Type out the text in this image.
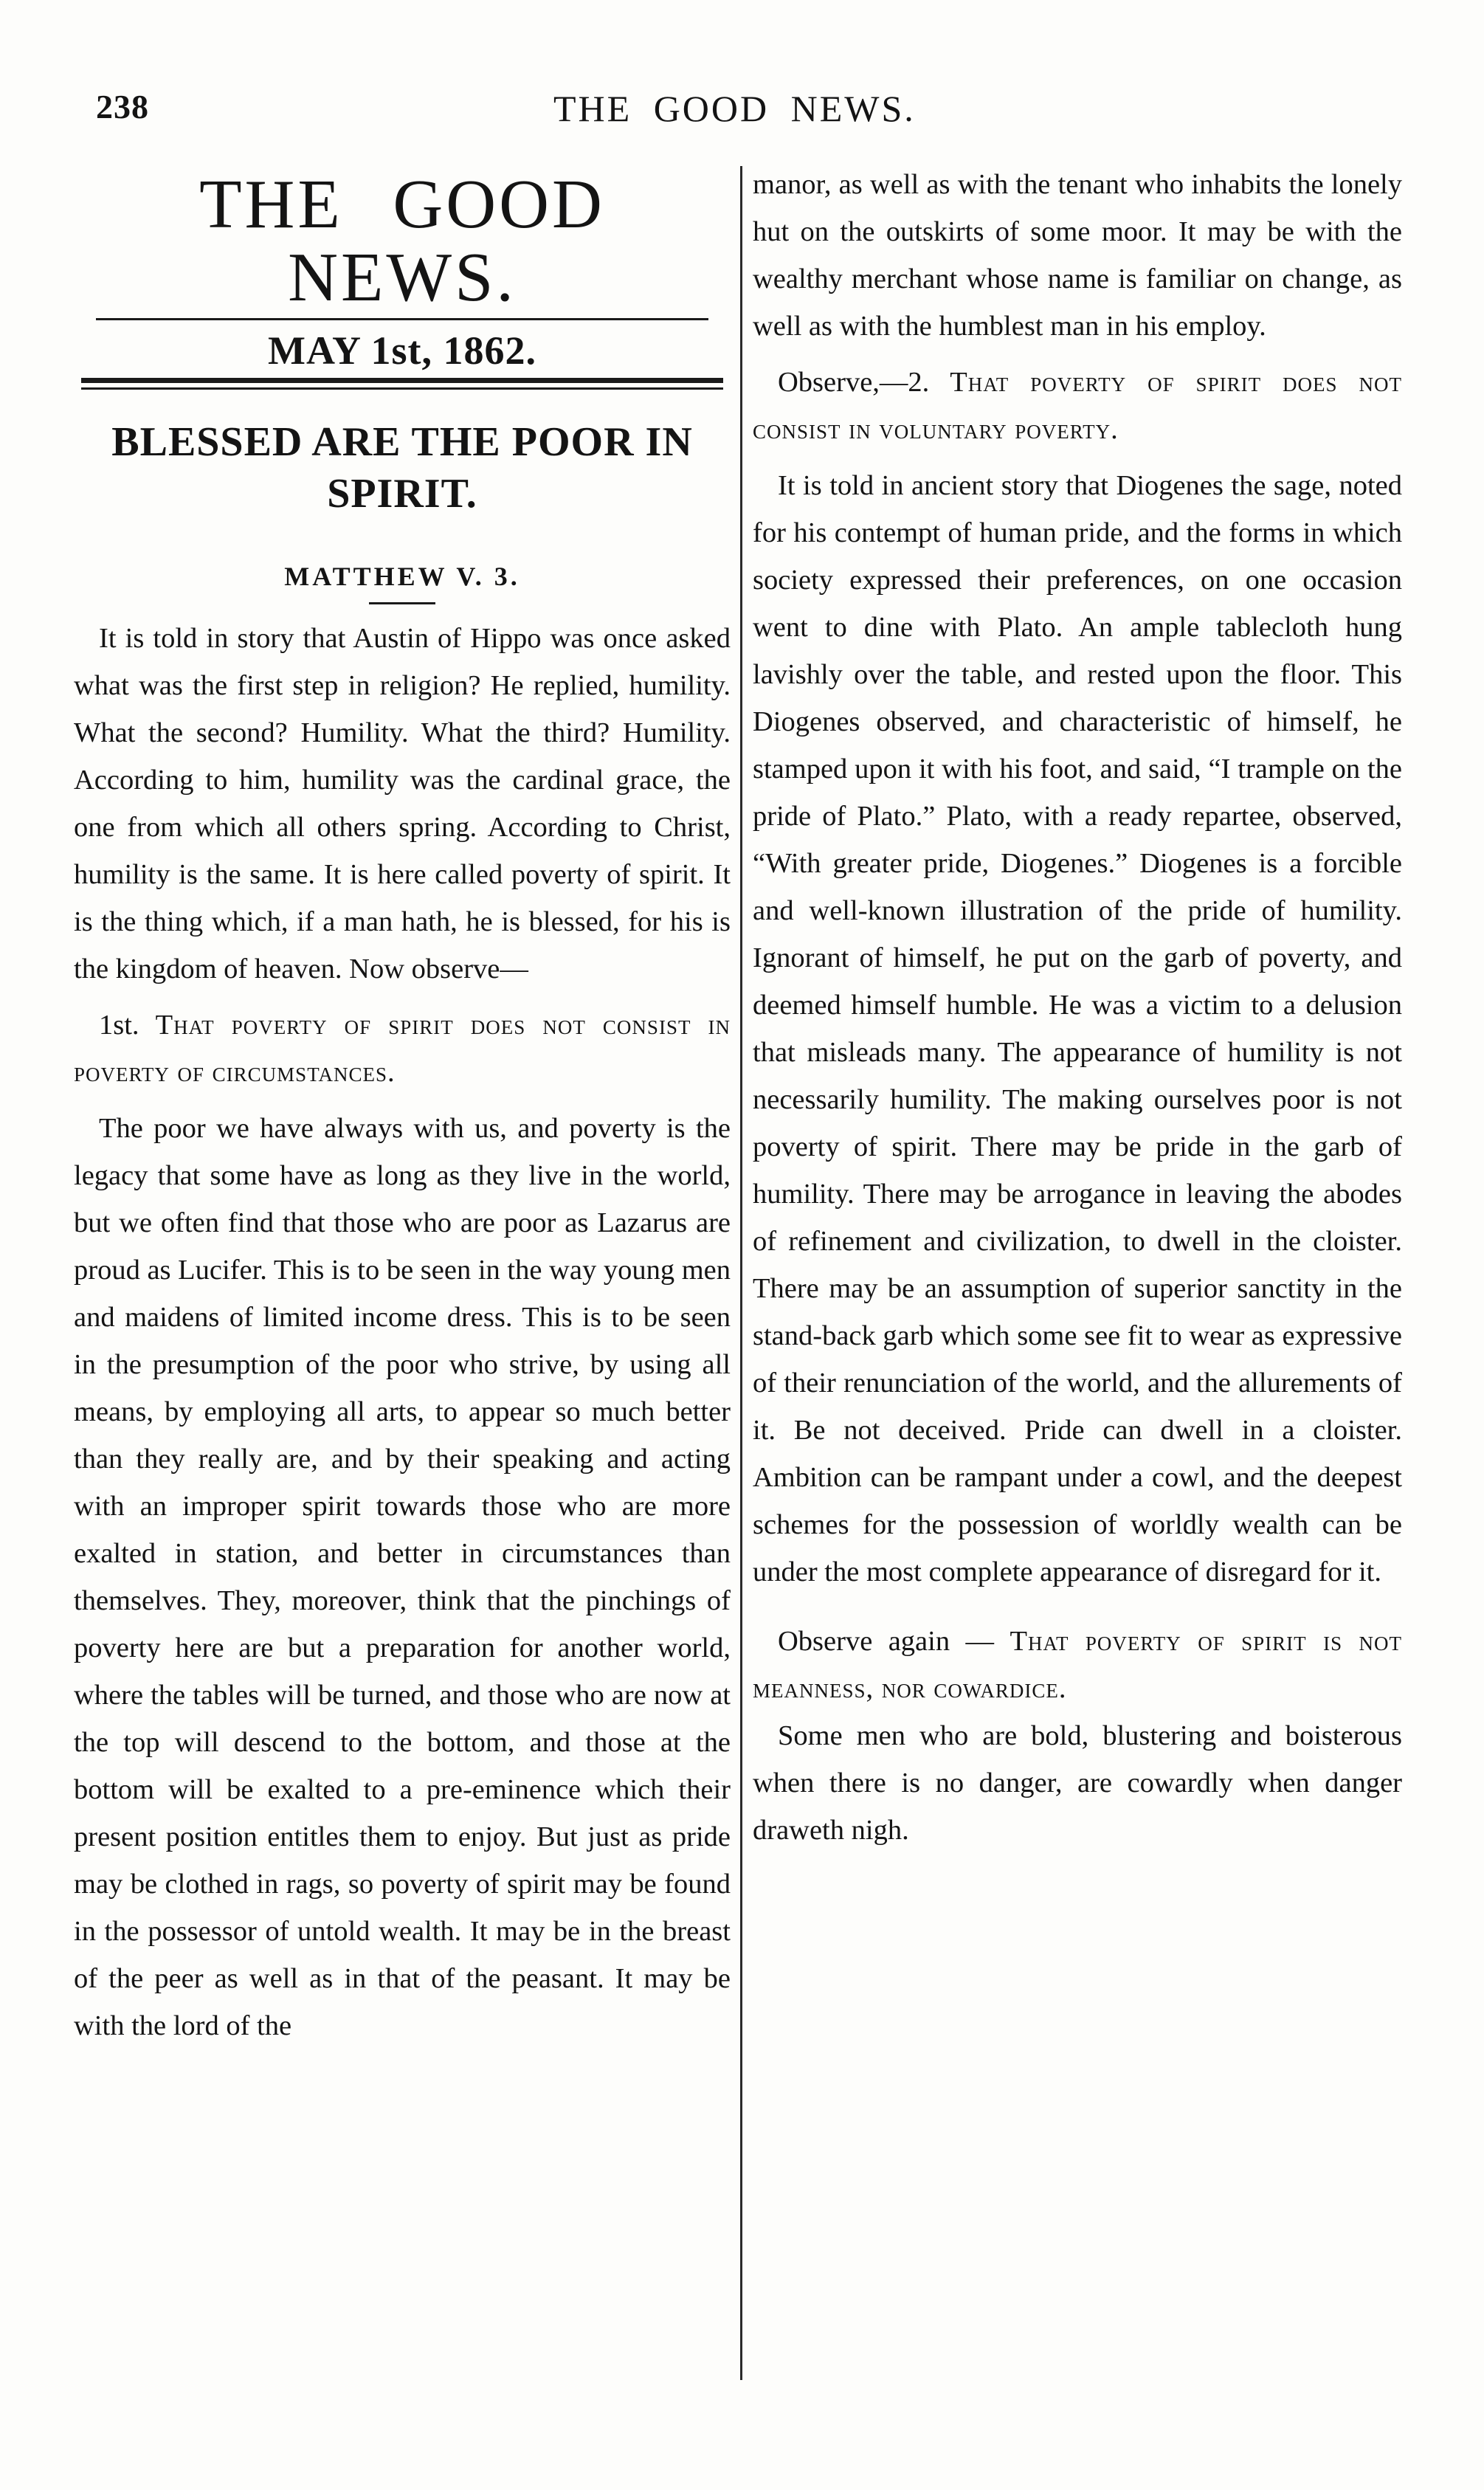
238	THE GOOD NEWS.
THE GOOD NEWS.
MAY 1st, 1862.
BLESSED ARE THE POOR IN SPIRIT.
MATTHEW V. 3.

It is told in story that Austin of Hippo was once asked what was the first step in religion? He replied, humility. What the second? Humility. What the third? Humility. According to him, humility was the cardinal grace, the one from which all others spring. According to Christ, humility is the same. It is here called poverty of spirit. It is the thing which, if a man hath, he is blessed, for his is the kingdom of heaven. Now observe—

1st. That poverty of spirit does not consist in poverty of circumstances.

The poor we have always with us, and poverty is the legacy that some have as long as they live in the world, but we often find that those who are poor as Lazarus are proud as Lucifer. This is to be seen in the way young men and maidens of limited income dress. This is to be seen in the presumption of the poor who strive, by using all means, by employing all arts, to appear so much better than they really are, and by their speaking and acting with an improper spirit towards those who are more exalted in station, and better in circumstances than themselves. They, moreover, think that the pinchings of poverty here are but a preparation for another world, where the tables will be turned, and those who are now at the top will descend to the bottom, and those at the bottom will be exalted to a pre-eminence which their present position entitles them to enjoy. But just as pride may be clothed in rags, so poverty of spirit may be found in the possessor of untold wealth. It may be in the breast of the peer as well as in that of the peasant. It may be with the lord of the

manor, as well as with the tenant who inhabits the lonely hut on the outskirts of some moor. It may be with the wealthy merchant whose name is familiar on change, as well as with the humblest man in his employ.

Observe,—2. That poverty of spirit does not consist in voluntary poverty.

It is told in ancient story that Diogenes the sage, noted for his contempt of human pride, and the forms in which society expressed their preferences, on one occasion went to dine with Plato. An ample tablecloth hung lavishly over the table, and rested upon the floor. This Diogenes observed, and characteristic of himself, he stamped upon it with his foot, and said, “I trample on the pride of Plato.” Plato, with a ready repartee, observed, “With greater pride, Diogenes.” Diogenes is a forcible and well-known illustration of the pride of humility. Ignorant of himself, he put on the garb of poverty, and deemed himself humble. He was a victim to a delusion that misleads many. The appearance of humility is not necessarily humility. The making ourselves poor is not poverty of spirit. There may be pride in the garb of humility. There may be arrogance in leaving the abodes of refinement and civilization, to dwell in the cloister. There may be an assumption of superior sanctity in the stand-back garb which some see fit to wear as expressive of their renunciation of the world, and the allurements of it. Be not deceived. Pride can dwell in a cloister. Ambition can be rampant under a cowl, and the deepest schemes for the possession of worldly wealth can be under the most complete appearance of disregard for it.

Observe again — That poverty of spirit is not meanness, nor cowardice.

Some men who are bold, blustering and boisterous when there is no danger, are cowardly when danger draweth nigh.
